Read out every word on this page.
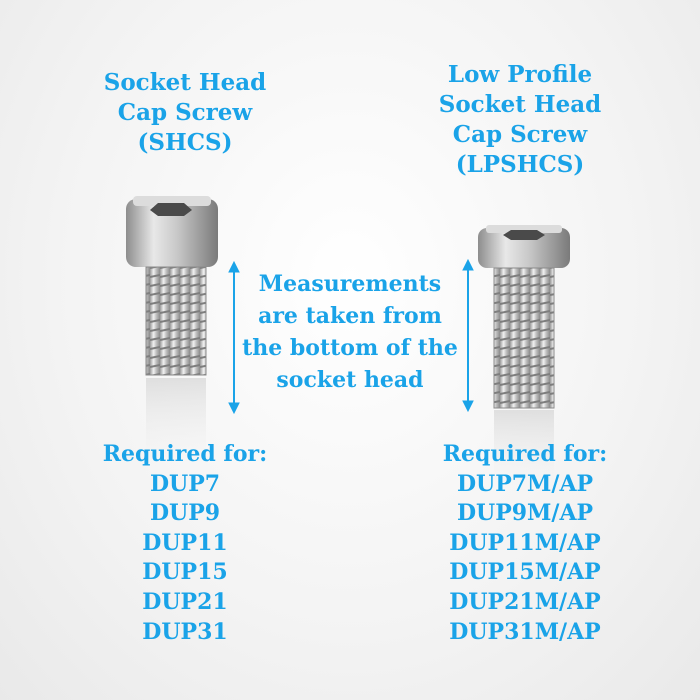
Socket Head
Cap Screw
(SHCS)
Low Profile
Socket Head
Cap Screw
(LPSHCS)
Measurements
are taken from
the bottom of the
socket head
Required for:
DUP7
DUP9
DUP11
DUP15
DUP21
DUP31
Required for:
DUP7M/AP
DUP9M/AP
DUP11M/AP
DUP15M/AP
DUP21M/AP
DUP31M/AP
